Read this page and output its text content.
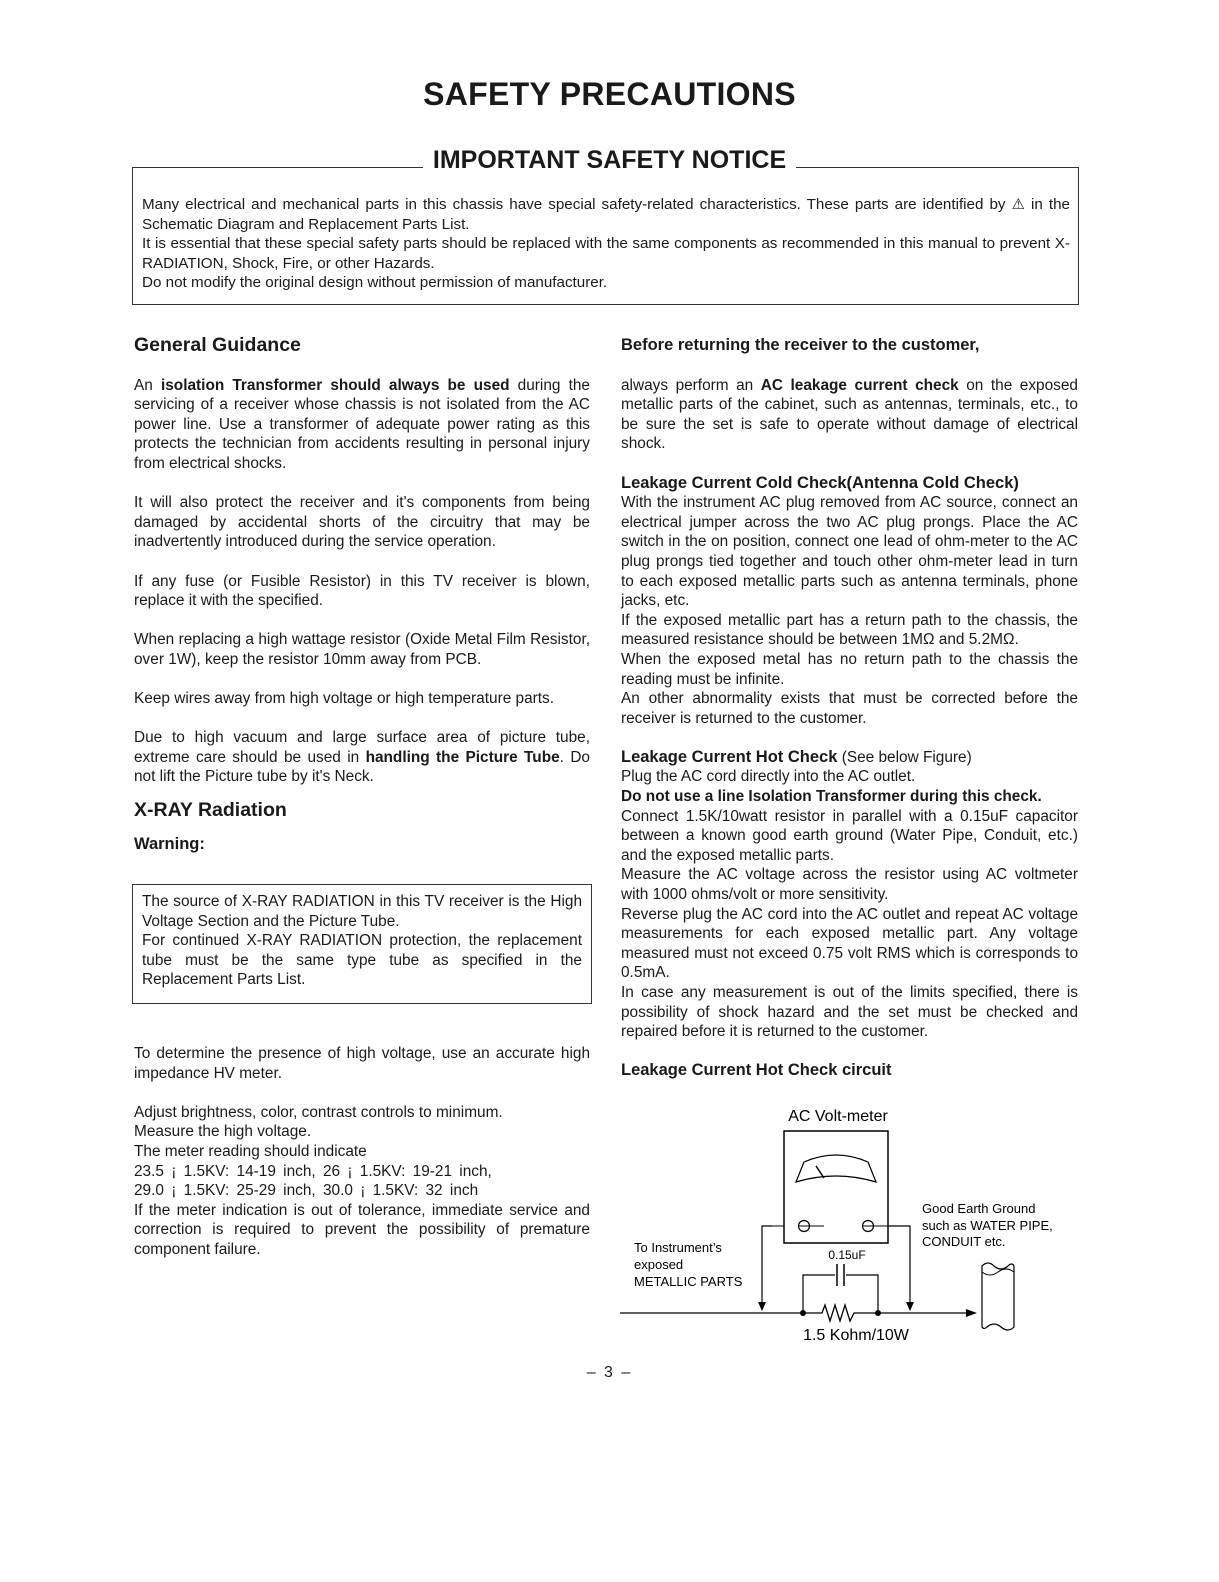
SAFETY PRECAUTIONS
IMPORTANT SAFETY NOTICE

Many electrical and mechanical parts in this chassis have special safety-related characteristics. These parts are identified by ⚠ in the Schematic Diagram and Replacement Parts List.

It is essential that these special safety parts should be replaced with the same components as recommended in this manual to prevent X-RADIATION, Shock, Fire, or other Hazards.

Do not modify the original design without permission of manufacturer.

General Guidance

An isolation Transformer should always be used during the servicing of a receiver whose chassis is not isolated from the AC power line. Use a transformer of adequate power rating as this protects the technician from accidents resulting in personal injury from electrical shocks.

It will also protect the receiver and it's components from being damaged by accidental shorts of the circuitry that may be inadvertently introduced during the service operation.

If any fuse (or Fusible Resistor) in this TV receiver is blown, replace it with the specified.

When replacing a high wattage resistor (Oxide Metal Film Resistor, over 1W), keep the resistor 10mm away from PCB.

Keep wires away from high voltage or high temperature parts.

Due to high vacuum and large surface area of picture tube, extreme care should be used in handling the Picture Tube. Do not lift the Picture tube by it's Neck.

X-RAY Radiation
Warning:

The source of X-RAY RADIATION in this TV receiver is the High Voltage Section and the Picture Tube.

For continued X-RAY RADIATION protection, the replacement tube must be the same type tube as specified in the Replacement Parts List.

To determine the presence of high voltage, use an accurate high impedance HV meter.

Adjust brightness, color, contrast controls to minimum.

Measure the high voltage.

The meter reading should indicate

23.5 ¡ 1.5KV: 14-19 inch, 26 ¡ 1.5KV: 19-21 inch,

29.0 ¡ 1.5KV: 25-29 inch, 30.0 ¡ 1.5KV: 32 inch

If the meter indication is out of tolerance, immediate service and correction is required to prevent the possibility of premature component failure.

Before returning the receiver to the customer,

always perform an AC leakage current check on the exposed metallic parts of the cabinet, such as antennas, terminals, etc., to be sure the set is safe to operate without damage of electrical shock.

Leakage Current Cold Check(Antenna Cold Check)

With the instrument AC plug removed from AC source, connect an electrical jumper across the two AC plug prongs. Place the AC switch in the on position, connect one lead of ohm-meter to the AC plug prongs tied together and touch other ohm-meter lead in turn to each exposed metallic parts such as antenna terminals, phone jacks, etc.

If the exposed metallic part has a return path to the chassis, the measured resistance should be between 1MΩ and 5.2MΩ.

When the exposed metal has no return path to the chassis the reading must be infinite.

An other abnormality exists that must be corrected before the receiver is returned to the customer.

Leakage Current Hot Check (See below Figure)

Plug the AC cord directly into the AC outlet.

Do not use a line Isolation Transformer during this check.

Connect 1.5K/10watt resistor in parallel with a 0.15uF capacitor between a known good earth ground (Water Pipe, Conduit, etc.) and the exposed metallic parts.

Measure the AC voltage across the resistor using AC voltmeter with 1000 ohms/volt or more sensitivity.

Reverse plug the AC cord into the AC outlet and repeat AC voltage measurements for each exposed metallic part. Any voltage measured must not exceed 0.75 volt RMS which is corresponds to 0.5mA.

In case any measurement is out of the limits specified, there is possibility of shock hazard and the set must be checked and repaired before it is returned to the customer.

Leakage Current Hot Check circuit
AC Volt-meter
0.15uF
1.5 Kohm/10W
To Instrument’s
exposed
METALLIC PARTS
Good Earth Ground
such as WATER PIPE,
CONDUIT etc.
– 3 –
